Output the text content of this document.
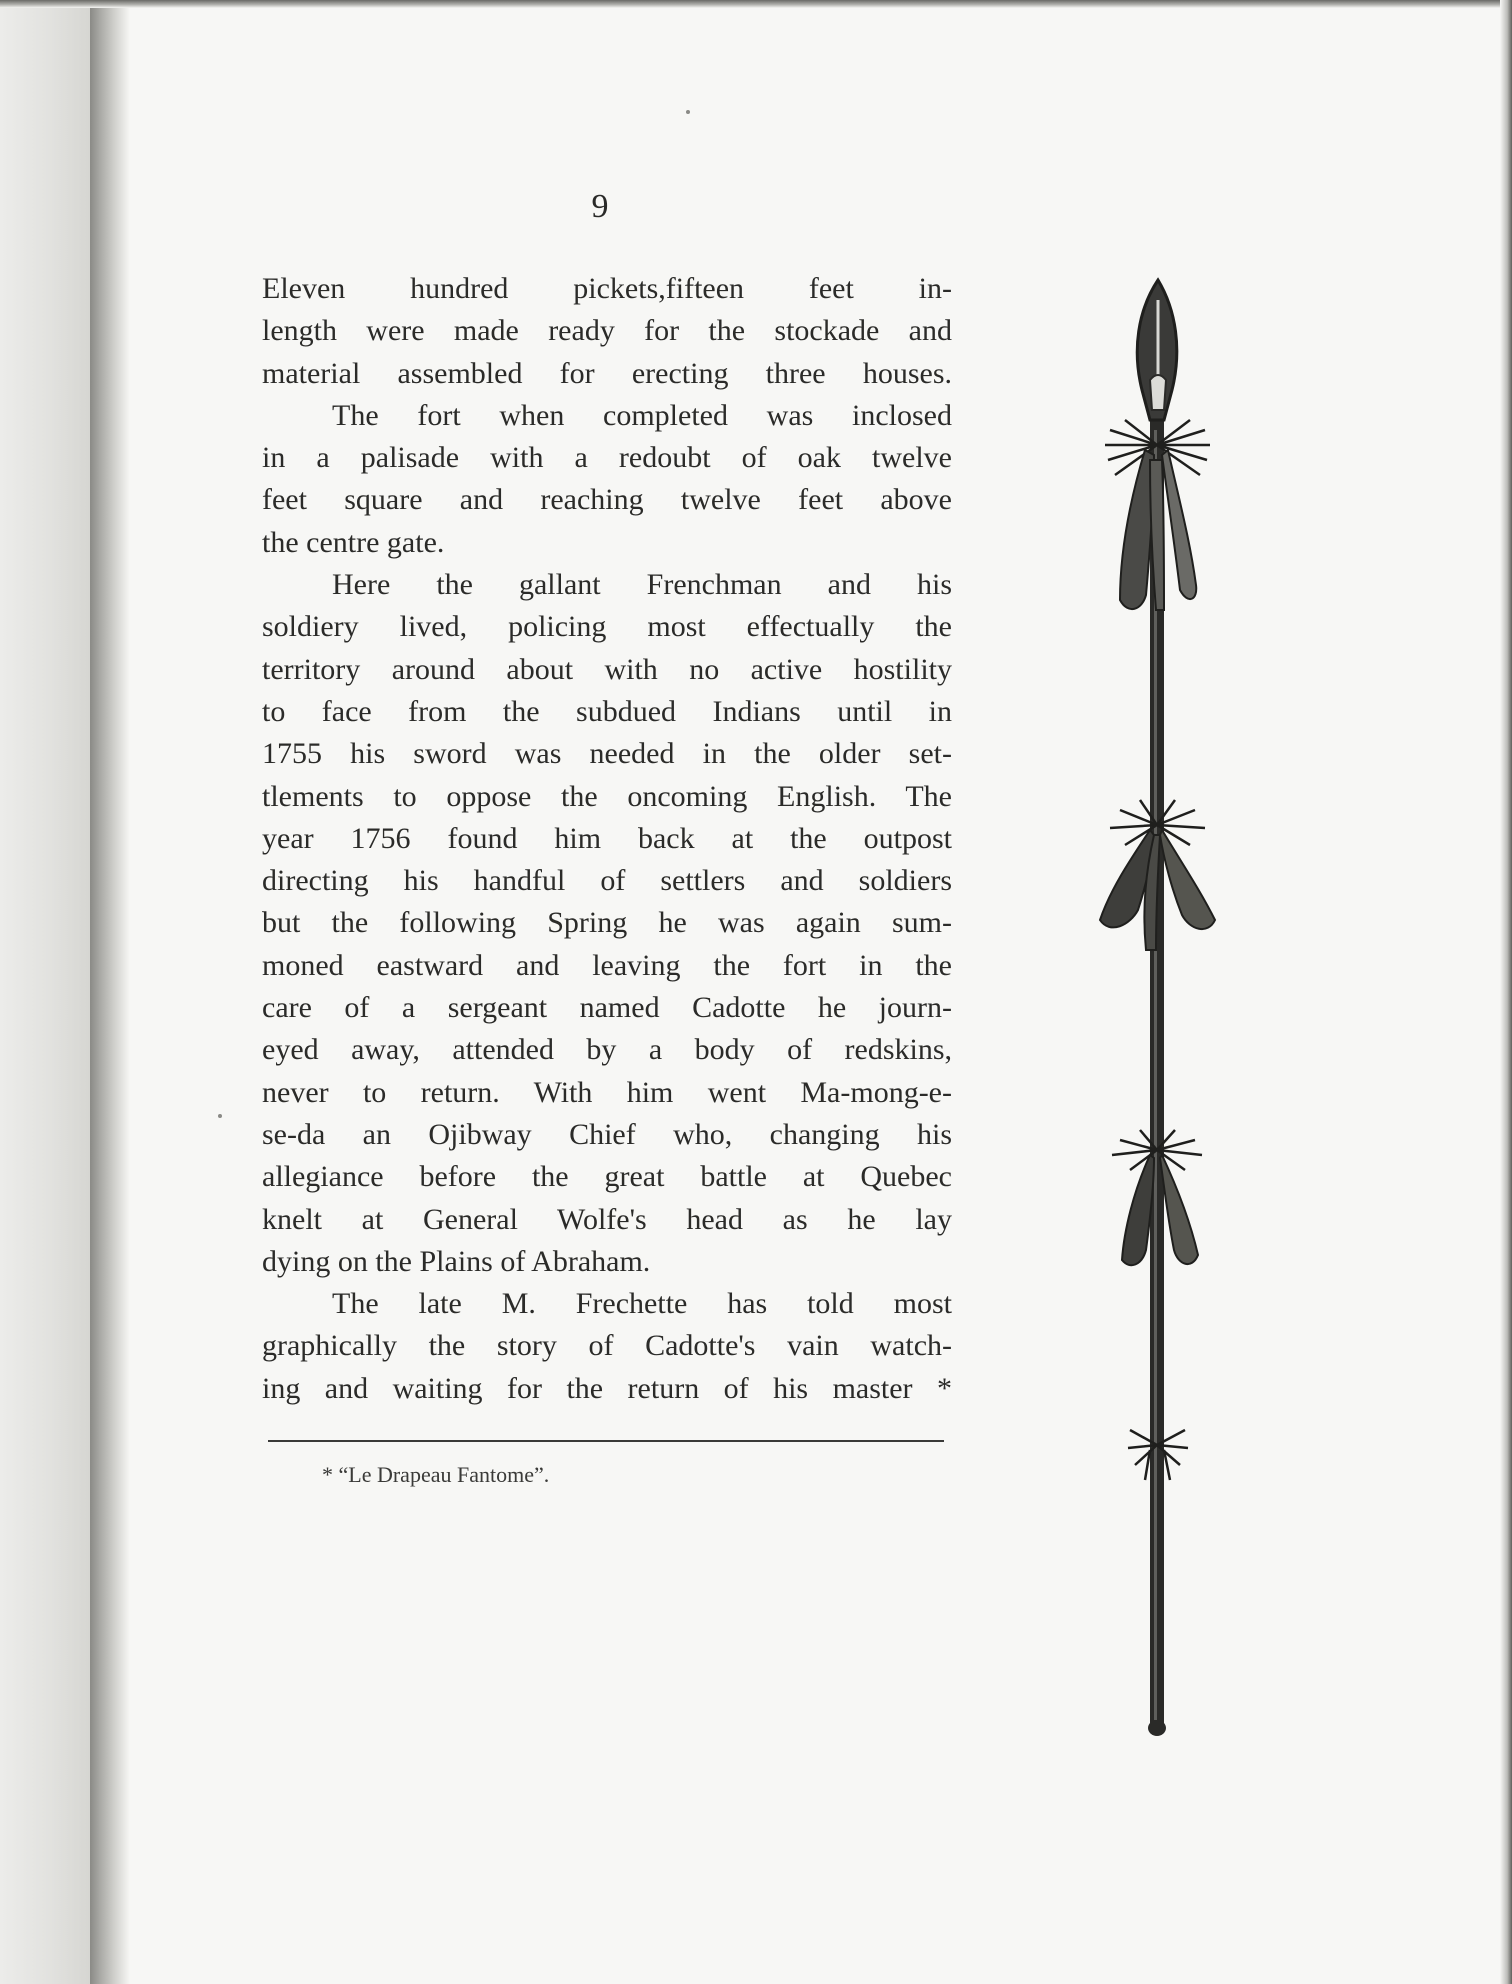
9
Eleven hundred pickets,fifteen feet in-
length were made ready for the stockade and
material assembled for erecting three houses.
The fort when completed was inclosed
in a palisade with a redoubt of oak twelve
feet square and reaching twelve feet above
the centre gate.
Here the gallant Frenchman and his
soldiery lived, policing most effectually the
territory around about with no active hostility
to face from the subdued Indians until in
1755 his sword was needed in the older set-
tlements to oppose the oncoming English. The
year 1756 found him back at the outpost
directing his handful of settlers and soldiers
but the following Spring he was again sum-
moned eastward and leaving the fort in the
care of a sergeant named Cadotte he journ-
eyed away, attended by a body of redskins,
never to return. With him went Ma-mong-e-
se-da an Ojibway Chief who, changing his
allegiance before the great battle at Quebec
knelt at General Wolfe's head as he lay
dying on the Plains of Abraham.
The late M. Frechette has told most
graphically the story of Cadotte's vain watch-
ing and waiting for the return of his master *
* “Le Drapeau Fantome”.
